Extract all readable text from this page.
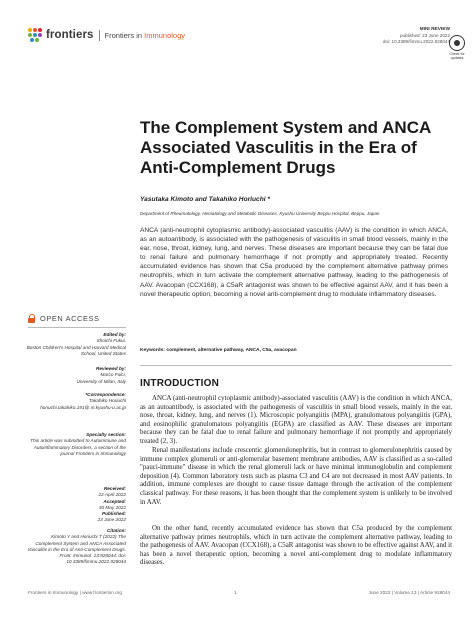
frontiers Frontiers in Immunology
MINI REVIEW
published: 23 June 2022
doi: 10.3389/fimmu.2022.928044
Check for updates
The Complement System and ANCA Associated Vasculitis in the Era of Anti-Complement Drugs
Yasutaka Kimoto and Takahiko Horiuchi *
Department of Rheumatology, Hematology and Metabolic Diseases, Kyushu University Beppu Hospital, Beppu, Japan

ANCA (anti-neutrophil cytoplasmic antibody)-associated vasculitis (AAV) is the condition in which ANCA, as an autoantibody, is associated with the pathogenesis of vasculitis in small blood vessels, mainly in the ear, nose, throat, kidney, lung, and nerves. These diseases are important because they can be fatal due to renal failure and pulmonary hemorrhage if not promptly and appropriately treated. Recently accumulated evidence has shown that C5a produced by the complement alternative pathway primes neutrophils, which in turn activate the complement alternative pathway, leading to the pathogenesis of AAV. Avacopan (CCX168), a C5aR antagonist was shown to be effective against AAV, and it has been a novel therapeutic option, becoming a novel anti-complement drug to modulate inflammatory diseases.

Keywords: complement, alternative pathway, ANCA, C5a, avacopan
OPEN ACCESS
Edited by:
Shoichi Fukui,
Boston Children's Hospital and Harvard Medical School, United States
Reviewed by:
Marco Folci,
University of Milan, Italy
*Correspondence:
Takahiko Horiuchi
horiuchi.takahiko.191@ m.kyushu-u.ac.jp
Specialty section:
This article was submitted to Autoimmune and Autoinflammatory Disorders, a section of the journal Frontiers in Immunology
Received:
22 April 2022
Accepted:
30 May 2022
Published:
23 June 2022
Citation:
Kimoto Y and Horiuchi T (2022) The Complement System and ANCA Associated Vasculitis in the Era of Anti-Complement Drugs. Front. Immunol. 13:928044. doi: 10.3389/fimmu.2022.928044
INTRODUCTION

ANCA (anti-neutrophil cytoplasmic antibody)-associated vasculitis (AAV) is the condition in which ANCA, as an autoantibody, is associated with the pathogenesis of vasculitis in small blood vessels, mainly in the ear, nose, throat, kidney, lung, and nerves (1). Microscopic polyangiitis (MPA), granulomatous polyangiitis (GPA), and eosinophilic granulomatous polyangiitis (EGPA) are classified as AAV. These diseases are important because they can be fatal due to renal failure and pulmonary hemorrhage if not promptly and appropriately treated (2, 3).

Renal manifestations include crescentic glomerulonephritis, but in contrast to glomerulonephritis caused by immune complex glomeruli or anti-glomerular basement membrane antibodies, AAV is classified as a so-called "pauci-immune" disease in which the renal glomeruli lack or have minimal immunoglobulin and complement deposition (4). Common laboratory tests such as plasma C3 and C4 are not decreased in most AAV patients. In addition, immune complexes are thought to cause tissue damage through the activation of the complement classical pathway. For these reasons, it has been thought that the complement system is unlikely to be involved in AAV.

On the other hand, recently accumulated evidence has shown that C5a produced by the complement alternative pathway primes neutrophils, which in turn activate the complement alternative pathway, leading to the pathogenesis of AAV. Avacopan (CCX168), a C5aR antagonist was shown to be effective against AAV, and it has been a novel therapeutic option, becoming a novel anti-complement drug to modulate inflammatory diseases.

Frontiers in Immunology | www.frontiersin.org	1	June 2022 | Volume 13 | Article 928044
